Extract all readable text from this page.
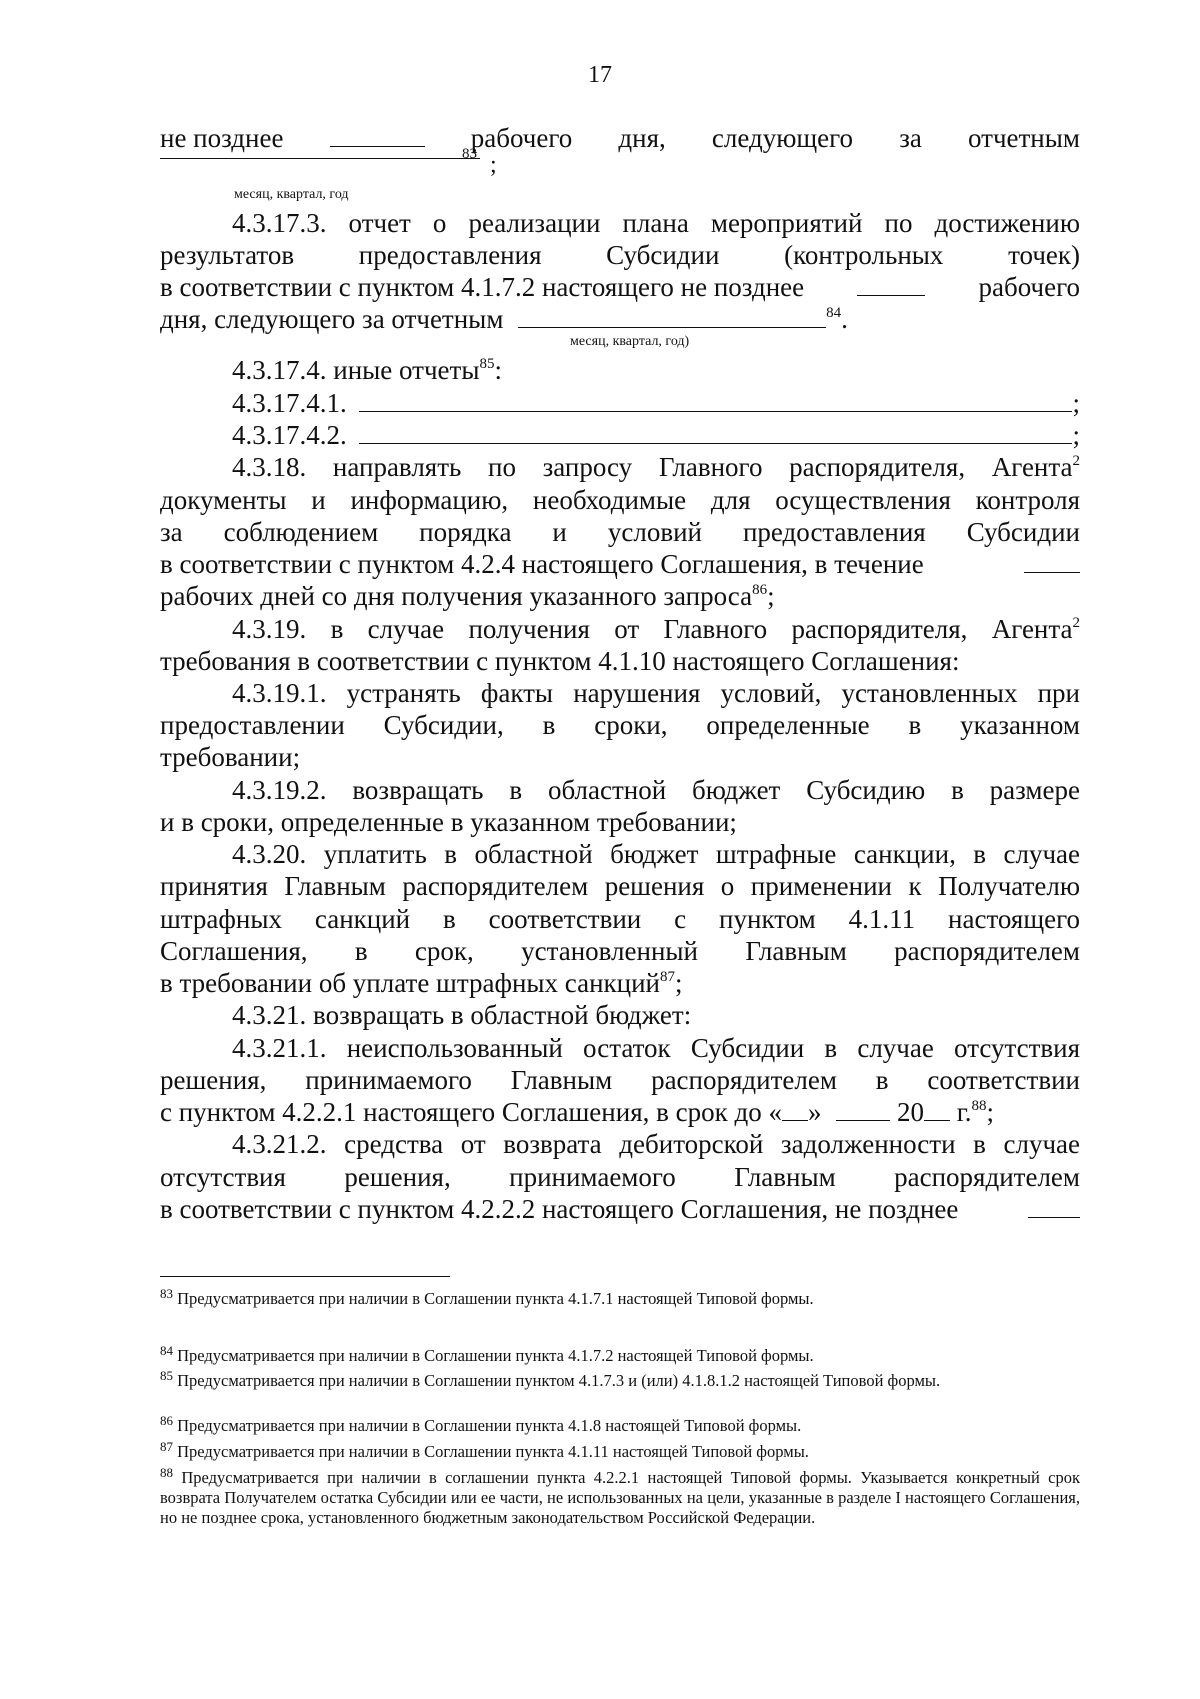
17
не позднее	рабочего дня, следующего за отчетным
83 ;
месяц, квартал, год
4.3.17.3. отчет о реализации плана мероприятий по достижению
результатов предоставления Субсидии (контрольных точек)
в соответствии с пунктом 4.1.7.2 настоящего не позднее	рабочего
дня, следующего за отчетным	$^{84}$.
месяц, квартал, год)
4.3.17.4. иные отчеты$^{85}$:
4.3.17.4.1.	;
4.3.17.4.2.	;
4.3.18. направлять по запросу Главного распорядителя, Агента$^2$
документы и информацию, необходимые для осуществления контроля
за соблюдением порядка и условий предоставления Субсидии
в соответствии с пунктом 4.2.4 настоящего Соглашения, в течение
рабочих дней со дня получения указанного запроса$^{86}$;
4.3.19. в случае получения от Главного распорядителя, Агента$^2$
требования в соответствии с пунктом 4.1.10 настоящего Соглашения:
4.3.19.1. устранять факты нарушения условий, установленных при
предоставлении Субсидии, в сроки, определенные в указанном
требовании;
4.3.19.2. возвращать в областной бюджет Субсидию в размере
и в сроки, определенные в указанном требовании;
4.3.20. уплатить в областной бюджет штрафные санкции, в случае
принятия Главным распорядителем решения о применении к Получателю
штрафных санкций в соответствии с пунктом 4.1.11 настоящего
Соглашения, в срок, установленный Главным распорядителем
в требовании об уплате штрафных санкций$^{87}$;
4.3.21. возвращать в областной бюджет:
4.3.21.1. неиспользованный остаток Субсидии в случае отсутствия
решения, принимаемого Главным распорядителем в соответствии
с пунктом 4.2.2.1 настоящего Соглашения, в срок до « »	20 г.$^{88}$;
4.3.21.2. средства от возврата дебиторской задолженности в случае
отсутствия решения, принимаемого Главным распорядителем
в соответствии с пунктом 4.2.2.2 настоящего Соглашения, не позднее
$^{83}$ Предусматривается при наличии в Соглашении пункта 4.1.7.1 настоящей Типовой формы.
$^{84}$ Предусматривается при наличии в Соглашении пункта 4.1.7.2 настоящей Типовой формы.
$^{85}$ Предусматривается при наличии в Соглашении пунктом 4.1.7.3 и (или) 4.1.8.1.2 настоящей Типовой формы.
$^{86}$ Предусматривается при наличии в Соглашении пункта 4.1.8 настоящей Типовой формы.
$^{87}$ Предусматривается при наличии в Соглашении пункта 4.1.11 настоящей Типовой формы.
$^{88}$ Предусматривается при наличии в соглашении пункта 4.2.2.1 настоящей Типовой формы. Указывается конкретный срок возврата Получателем остатка Субсидии или ее части, не использованных на цели, указанные в разделе I настоящего Соглашения, но не позднее срока, установленного бюджетным законодательством Российской Федерации.
